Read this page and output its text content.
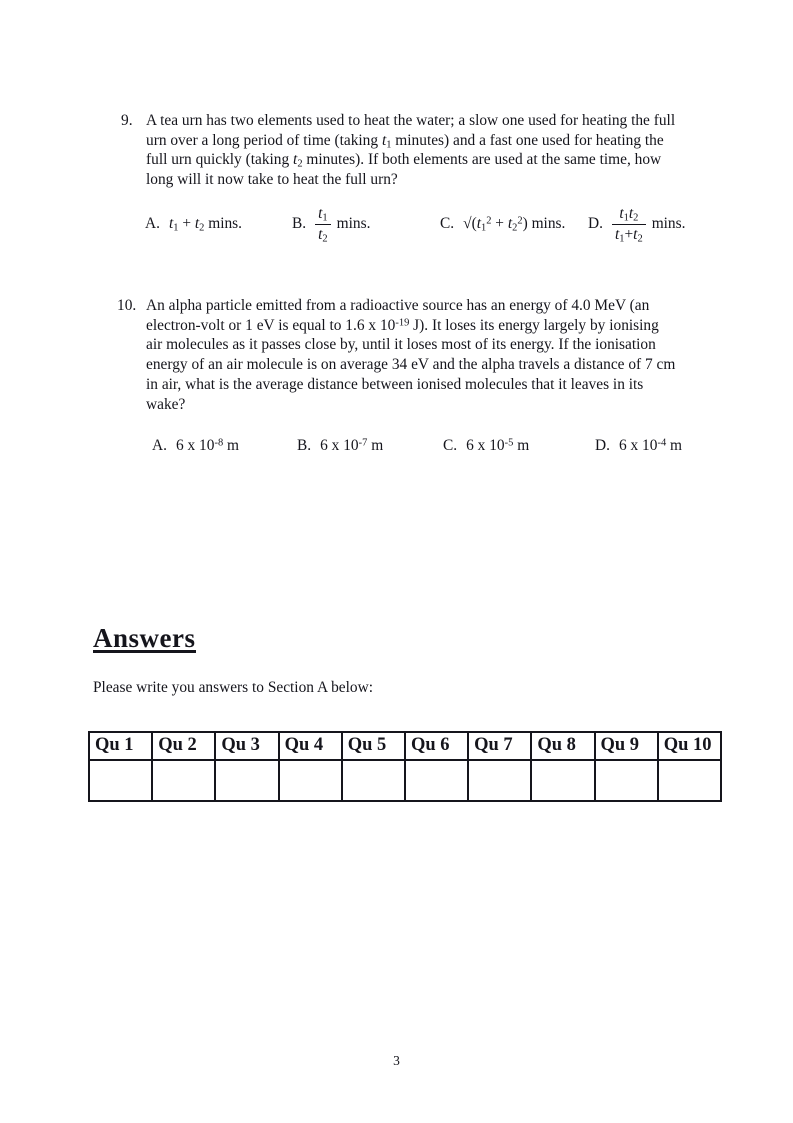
9. A tea urn has two elements used to heat the water; a slow one used for heating the full
urn over a long period of time (taking $t_1$ minutes) and a fast one used for heating the
full urn quickly (taking $t_2$ minutes). If both elements are used at the same time, how
long will it now take to heat the full urn?
A. $t_1 + t_2$ mins.	B. $\frac{t_1}{t_2} \min s$.	C. $√(t_1^2 + t_2^2)$ mins. D. $\frac{t_1t_2}{t_1+t_2} \min s$.
10. An alpha particle emitted from a radioactive source has an energy of 4.0 MeV (an
electron-volt or 1 eV is equal to 1.6 x $10^{-19}$ J). It loses its energy largely by ionising
air molecules as it passes close by, until it loses most of its energy. If the ionisation
energy of an air molecule is on average 34 eV and the alpha travels a distance of 7 cm
in air, what is the average distance between ionised molecules that it leaves in its
wake?
A. 6 x $10^{-8}$ m	B. 6 x $10^{-7}$ m	C. 6 x $10^{-5}$ m	D. 6 x $10^{-4}$ m
Answers
Please write you answers to Section A below:
Qu 1	Qu 2	Qu 3	Qu 4	Qu 5	Qu 6	Qu 7	Qu 8	Qu 9	Qu 10

3
